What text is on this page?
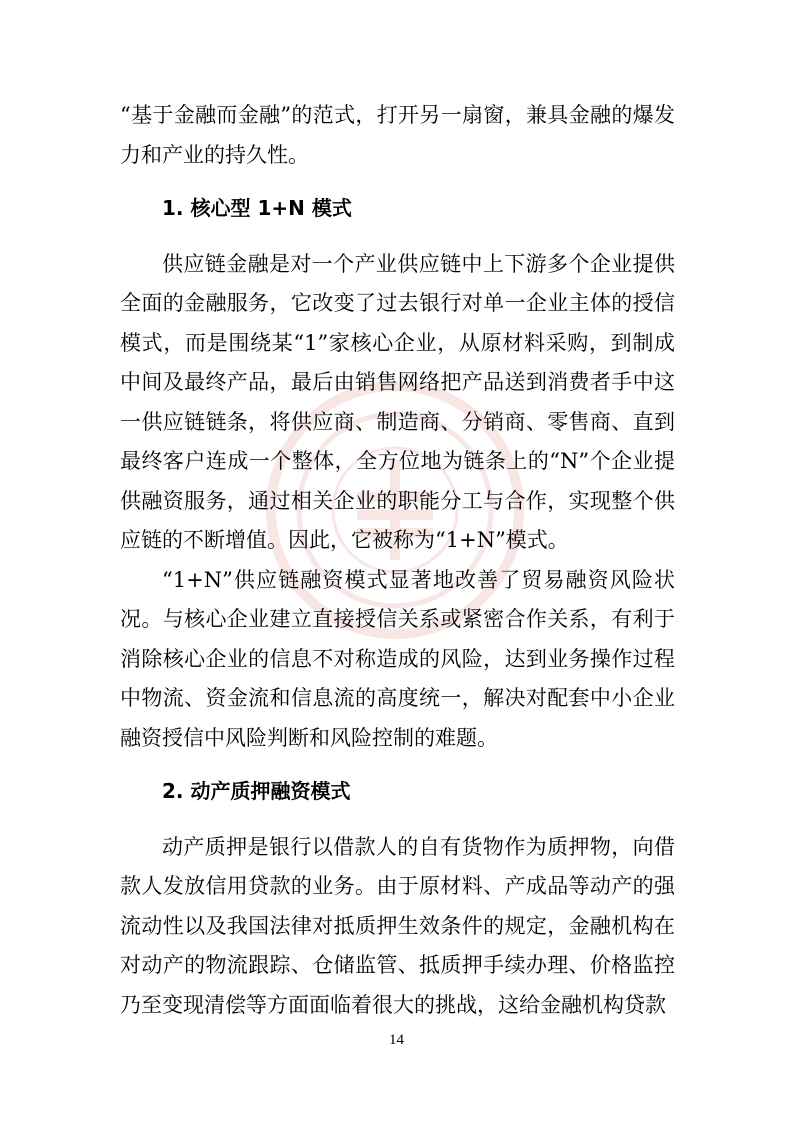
“基于金融而金融”的范式，打开另一扇窗，兼具金融的爆发力和产业的持久性。

1. 核心型 1+N 模式

供应链金融是对一个产业供应链中上下游多个企业提供全面的金融服务，它改变了过去银行对单一企业主体的授信模式，而是围绕某“1”家核心企业，从原材料采购，到制成中间及最终产品，最后由销售网络把产品送到消费者手中这一供应链链条，将供应商、制造商、分销商、零售商、直到最终客户连成一个整体，全方位地为链条上的“N”个企业提供融资服务，通过相关企业的职能分工与合作，实现整个供应链的不断增值。因此，它被称为“1+N”模式。

“1+N”供应链融资模式显著地改善了贸易融资风险状况。与核心企业建立直接授信关系或紧密合作关系，有利于消除核心企业的信息不对称造成的风险，达到业务操作过程中物流、资金流和信息流的高度统一，解决对配套中小企业融资授信中风险判断和风险控制的难题。

2. 动产质押融资模式

动产质押是银行以借款人的自有货物作为质押物，向借款人发放信用贷款的业务。由于原材料、产成品等动产的强流动性以及我国法律对抵质押生效条件的规定，金融机构在对动产的物流跟踪、仓储监管、抵质押手续办理、价格监控乃至变现清偿等方面面临着很大的挑战，这给金融机构贷款

14
